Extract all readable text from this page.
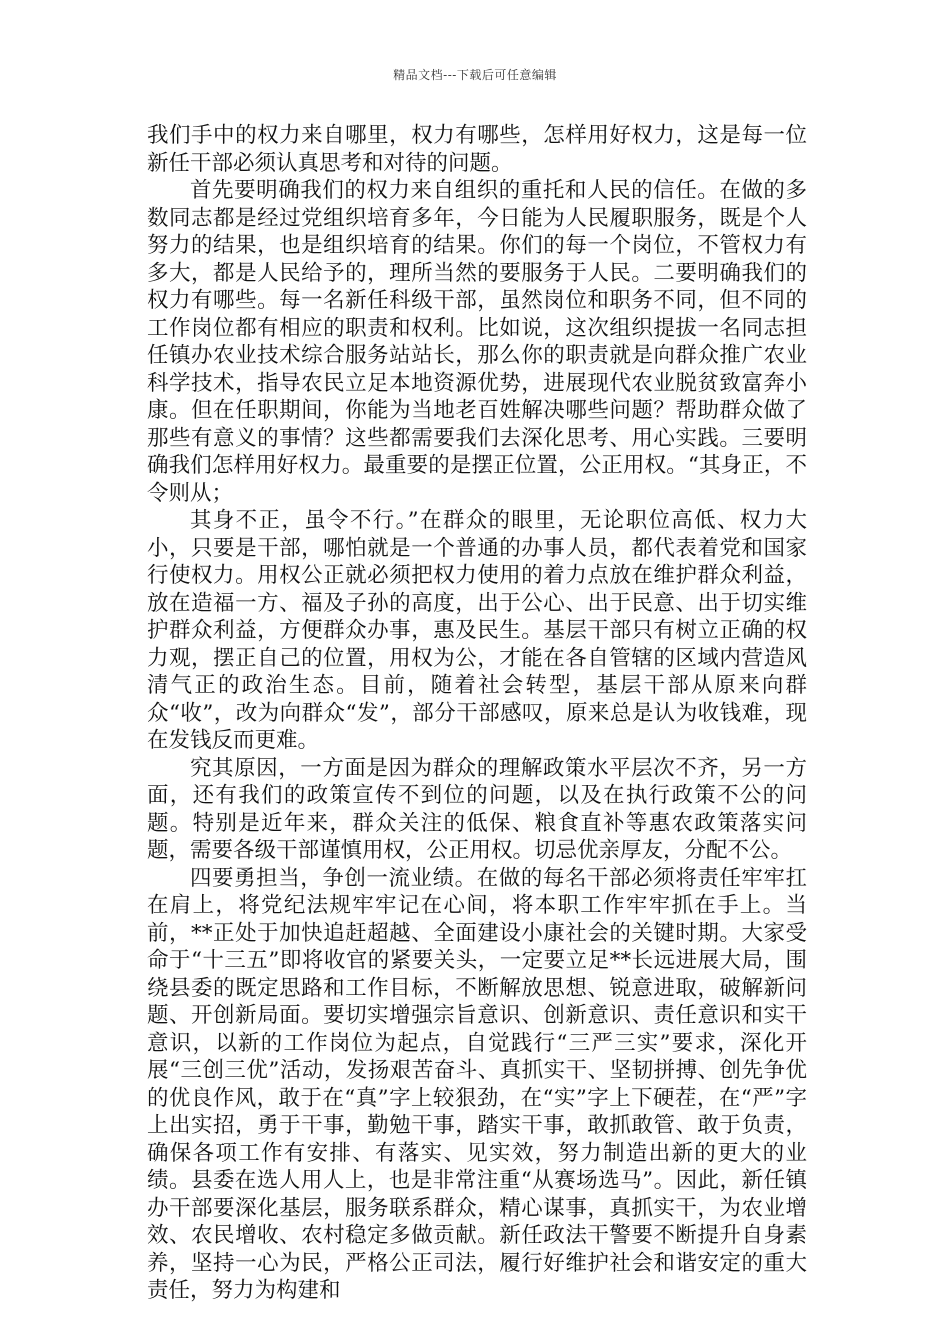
精品文档---下载后可任意编辑

我们手中的权力来自哪里，权力有哪些，怎样用好权力，这是每一位新任干部必须认真思考和对待的问题。

首先要明确我们的权力来自组织的重托和人民的信任。在做的多数同志都是经过党组织培育多年，今日能为人民履职服务，既是个人努力的结果，也是组织培育的结果。你们的每一个岗位，不管权力有多大，都是人民给予的，理所当然的要服务于人民。二要明确我们的权力有哪些。每一名新任科级干部，虽然岗位和职务不同，但不同的工作岗位都有相应的职责和权利。比如说，这次组织提拔一名同志担任镇办农业技术综合服务站站长，那么你的职责就是向群众推广农业科学技术，指导农民立足本地资源优势，进展现代农业脱贫致富奔小康。但在任职期间，你能为当地老百姓解决哪些问题？帮助群众做了那些有意义的事情？这些都需要我们去深化思考、用心实践。三要明确我们怎样用好权力。最重要的是摆正位置，公正用权。“其身正，不令则从；

其身不正，虽令不行。”在群众的眼里，无论职位高低、权力大小，只要是干部，哪怕就是一个普通的办事人员，都代表着党和国家行使权力。用权公正就必须把权力使用的着力点放在维护群众利益，放在造福一方、福及子孙的高度，出于公心、出于民意、出于切实维护群众利益，方便群众办事，惠及民生。基层干部只有树立正确的权力观，摆正自己的位置，用权为公，才能在各自管辖的区域内营造风清气正的政治生态。目前，随着社会转型，基层干部从原来向群众“收”，改为向群众“发”，部分干部感叹，原来总是认为收钱难，现在发钱反而更难。

究其原因，一方面是因为群众的理解政策水平层次不齐，另一方面，还有我们的政策宣传不到位的问题，以及在执行政策不公的问题。特别是近年来，群众关注的低保、粮食直补等惠农政策落实问题，需要各级干部谨慎用权，公正用权。切忌优亲厚友，分配不公。

四要勇担当，争创一流业绩。在做的每名干部必须将责任牢牢扛在肩上，将党纪法规牢牢记在心间，将本职工作牢牢抓在手上。当前，**正处于加快追赶超越、全面建设小康社会的关键时期。大家受命于“十三五”即将收官的紧要关头，一定要立足**长远进展大局，围绕县委的既定思路和工作目标，不断解放思想、锐意进取，破解新问题、开创新局面。要切实增强宗旨意识、创新意识、责任意识和实干意识，以新的工作岗位为起点，自觉践行“三严三实”要求，深化开展“三创三优”活动，发扬艰苦奋斗、真抓实干、坚韧拼搏、创先争优的优良作风，敢于在“真”字上较狠劲，在“实”字上下硬茬，在“严”字上出实招，勇于干事，勤勉干事，踏实干事，敢抓敢管、敢于负责，确保各项工作有安排、有落实、见实效，努力制造出新的更大的业绩。县委在选人用人上，也是非常注重“从赛场选马”。因此，新任镇办干部要深化基层，服务联系群众，精心谋事，真抓实干，为农业增效、农民增收、农村稳定多做贡献。新任政法干警要不断提升自身素养，坚持一心为民，严格公正司法，履行好维护社会和谐安定的重大责任，努力为构建和
